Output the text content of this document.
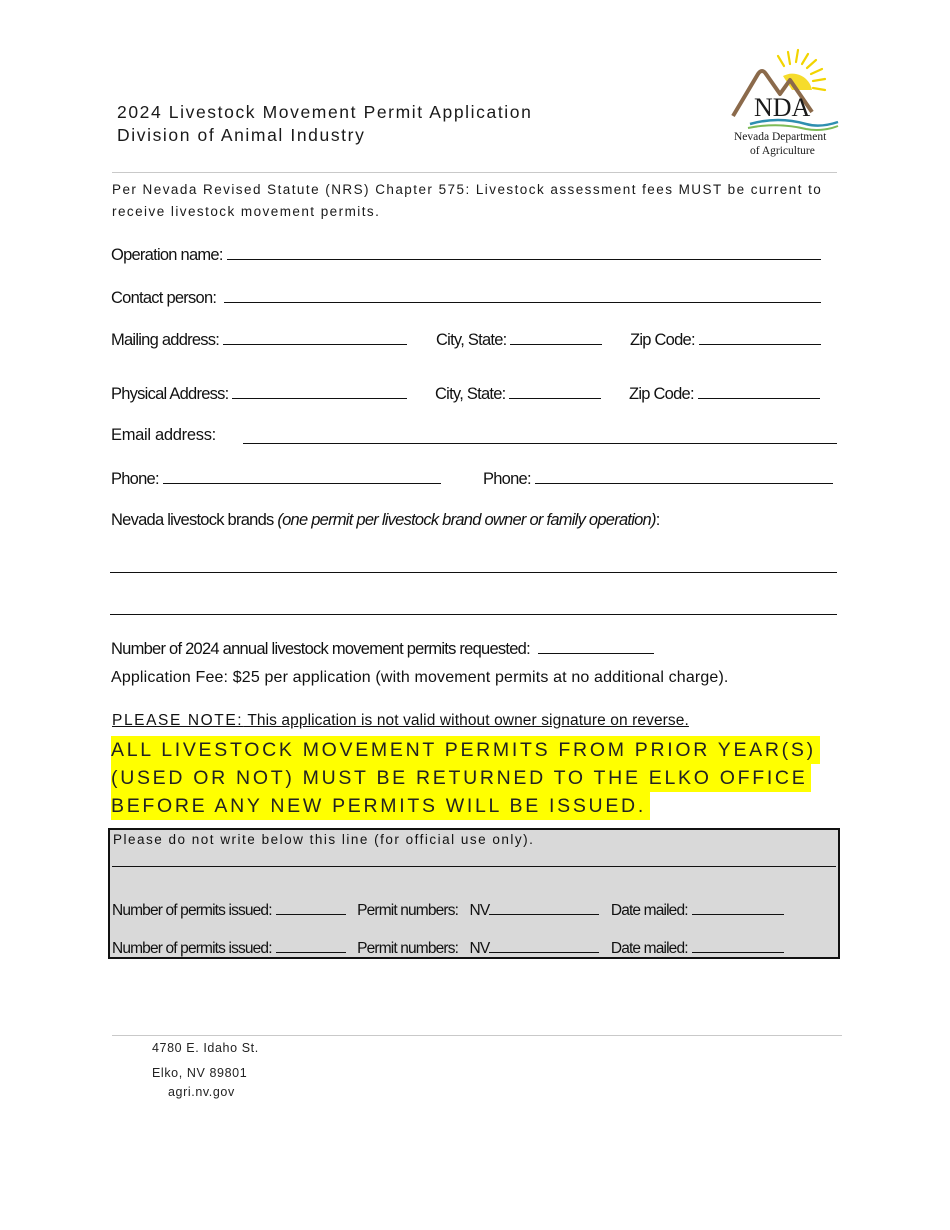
2024 Livestock Movement Permit Application
Division of Animal Industry
NDA
Nevada Department
of Agriculture
Per Nevada Revised Statute (NRS) Chapter 575: Livestock assessment fees MUST be current to receive livestock movement permits.
Operation name:
Contact person:
Mailing address:	City, State:	Zip Code:
Physical Address:	City, State:	Zip Code:
Email address:
Phone:	Phone:
Nevada livestock brands (one permit per livestock brand owner or family operation):
Number of 2024 annual livestock movement permits requested:
Application Fee: $25 per application (with movement permits at no additional charge).
PLEASE NOTE: This application is not valid without owner signature on reverse.
ALL LIVESTOCK MOVEMENT PERMITS FROM PRIOR YEAR(S)
(USED OR NOT) MUST BE RETURNED TO THE ELKO OFFICE
BEFORE ANY NEW PERMITS WILL BE ISSUED.
Please do not write below this line (for official use only).
Number of permits issued:	Permit numbers: NV	Date mailed:
Number of permits issued:	Permit numbers: NV	Date mailed:
4780 E. Idaho St.
Elko, NV 89801
agri.nv.gov
